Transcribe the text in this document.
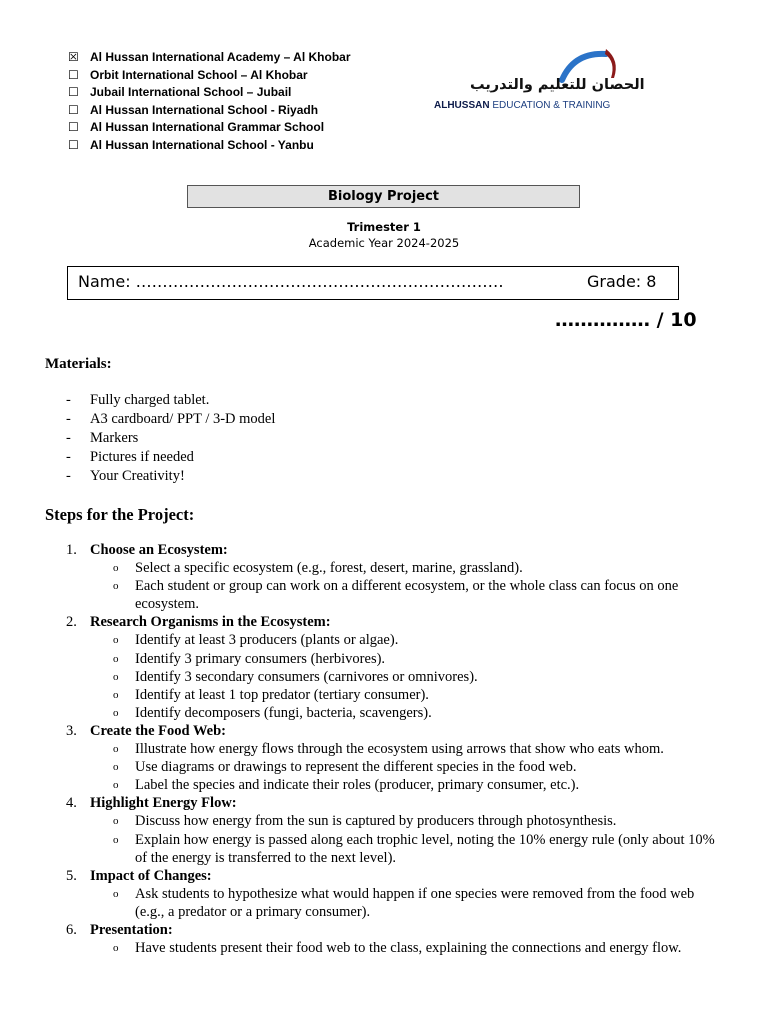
☒ Al Hussan International Academy – Al Khobar
☐ Orbit International School – Al Khobar
☐ Jubail International School – Jubail
☐ Al Hussan International School - Riyadh
☐ Al Hussan International Grammar School
☐ Al Hussan International School - Yanbu
الحصان للتعليم والتدريب
ALHUSSAN EDUCATION & TRAINING
Biology Project
Trimester 1
Academic Year 2024-2025
Name: ……………………………………………………………	Grade: 8
…………… / 10
Materials:
-	Fully charged tablet.
-	A3 cardboard/ PPT / 3-D model
-	Markers
-	Pictures if needed
-	Your Creativity!
Steps for the Project:
1. Choose an Ecosystem:
o	Select a specific ecosystem (e.g., forest, desert, marine, grassland).
o	Each student or group can work on a different ecosystem, or the whole class can focus on one ecosystem.
2. Research Organisms in the Ecosystem:
o	Identify at least 3 producers (plants or algae).
o	Identify 3 primary consumers (herbivores).
o	Identify 3 secondary consumers (carnivores or omnivores).
o	Identify at least 1 top predator (tertiary consumer).
o	Identify decomposers (fungi, bacteria, scavengers).
3. Create the Food Web:
o	Illustrate how energy flows through the ecosystem using arrows that show who eats whom.
o	Use diagrams or drawings to represent the different species in the food web.
o	Label the species and indicate their roles (producer, primary consumer, etc.).
4. Highlight Energy Flow:
o	Discuss how energy from the sun is captured by producers through photosynthesis.
o	Explain how energy is passed along each trophic level, noting the 10% energy rule (only about 10% of the energy is transferred to the next level).
5. Impact of Changes:
o	Ask students to hypothesize what would happen if one species were removed from the food web (e.g., a predator or a primary consumer).
6. Presentation:
o	Have students present their food web to the class, explaining the connections and energy flow.
